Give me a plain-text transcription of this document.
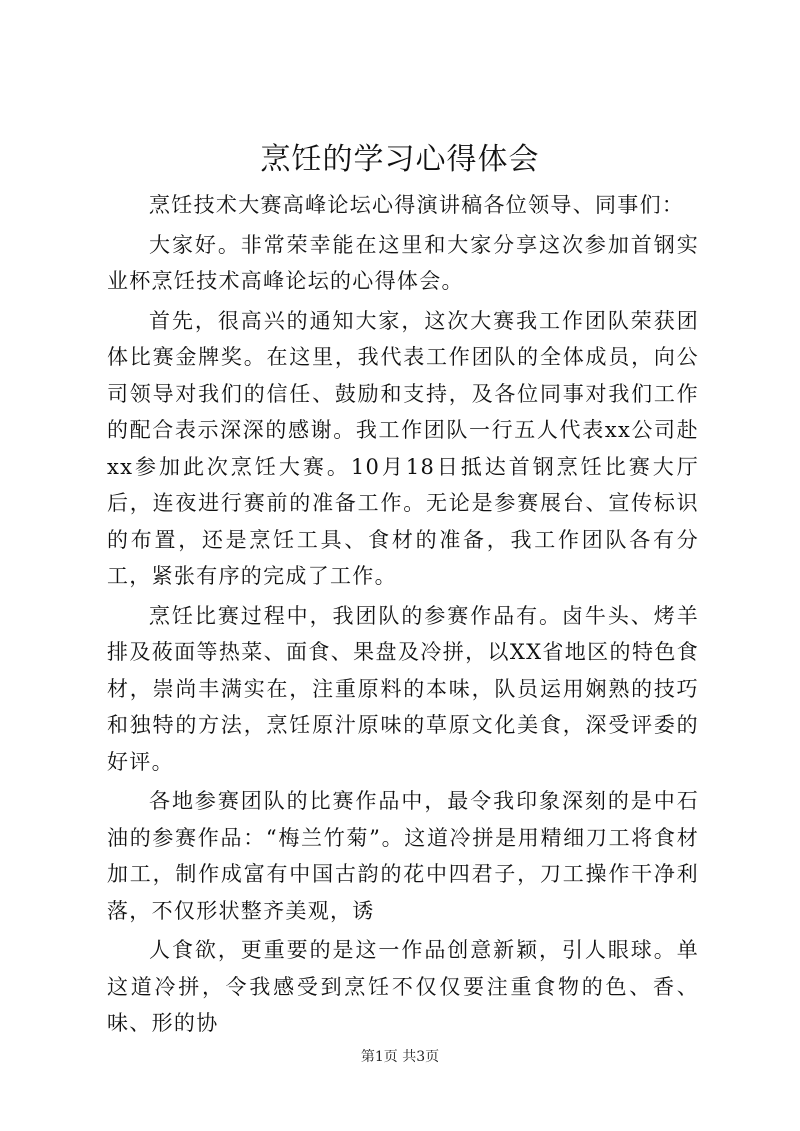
烹饪的学习心得体会

烹饪技术大赛高峰论坛心得演讲稿各位领导、同事们：

大家好。非常荣幸能在这里和大家分享这次参加首钢实业杯烹饪技术高峰论坛的心得体会。

首先，很高兴的通知大家，这次大赛我工作团队荣获团体比赛金牌奖。在这里，我代表工作团队的全体成员，向公司领导对我们的信任、鼓励和支持，及各位同事对我们工作的配合表示深深的感谢。我工作团队一行五人代表xx公司赴xx参加此次烹饪大赛。10月18日抵达首钢烹饪比赛大厅后，连夜进行赛前的准备工作。无论是参赛展台、宣传标识的布置，还是烹饪工具、食材的准备，我工作团队各有分工，紧张有序的完成了工作。

烹饪比赛过程中，我团队的参赛作品有。卤牛头、烤羊排及莜面等热菜、面食、果盘及冷拼，以XX省地区的特色食材，崇尚丰满实在，注重原料的本味，队员运用娴熟的技巧和独特的方法，烹饪原汁原味的草原文化美食，深受评委的好评。

各地参赛团队的比赛作品中，最令我印象深刻的是中石油的参赛作品：“梅兰竹菊”。这道冷拼是用精细刀工将食材加工，制作成富有中国古韵的花中四君子，刀工操作干净利落，不仅形状整齐美观，诱

人食欲，更重要的是这一作品创意新颖，引人眼球。单这道冷拼，令我感受到烹饪不仅仅要注重食物的色、香、味、形的协

第1页 共3页
